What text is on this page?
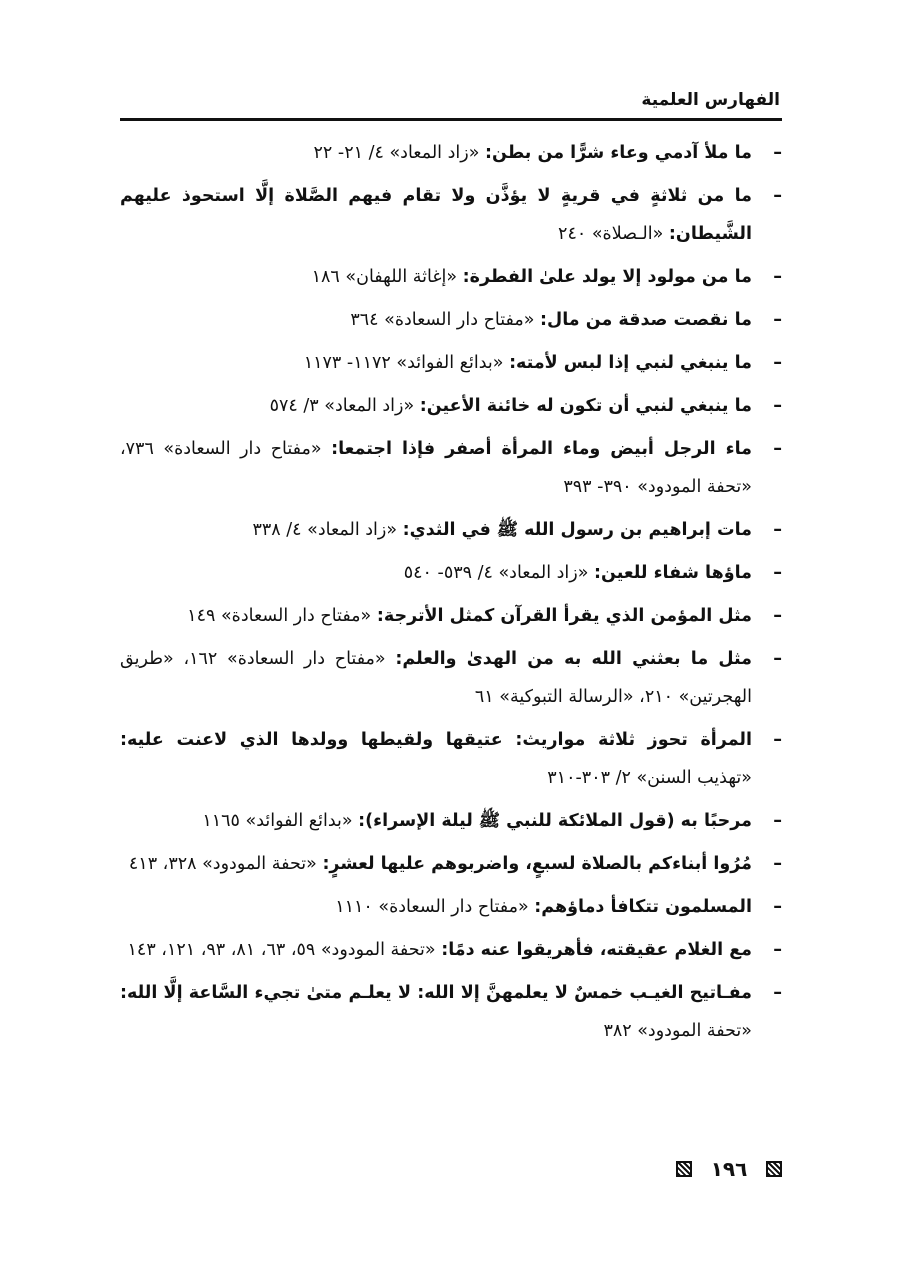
الفهارس العلمية
–
ما ملأ آدمي وعاء شرًّا من بطن: «زاد المعاد» ٤/ ٢١- ٢٢
–
ما من ثلاثةٍ في قريةٍ لا يؤذَّن ولا تقام فيهم الصَّلاة إلَّا استحوذ عليهم الشَّيطان: «الـصلاة» ٢٤٠
–
ما من مولود إلا يولد علىٰ الفطرة: «إغاثة اللهفان» ١٨٦
–
ما نقصت صدقة من مال: «مفتاح دار السعادة» ٣٦٤
–
ما ينبغي لنبي إذا لبس لأمته: «بدائع الفوائد» ١١٧٢- ١١٧٣
–
ما ينبغي لنبي أن تكون له خائنة الأعين: «زاد المعاد» ٣/ ٥٧٤
–
ماء الرجل أبيض وماء المرأة أصفر فإذا اجتمعا: «مفتاح دار السعادة» ٧٣٦، «تحفة المودود» ٣٩٠- ٣٩٣
–
مات إبراهيم بن رسول الله ﷺ في الثدي: «زاد المعاد» ٤/ ٣٣٨
–
ماؤها شفاء للعين: «زاد المعاد» ٤/ ٥٣٩- ٥٤٠
–
مثل المؤمن الذي يقرأ القرآن كمثل الأترجة: «مفتاح دار السعادة» ١٤٩
–
مثل ما بعثني الله به من الهدىٰ والعلم: «مفتاح دار السعادة» ١٦٢، «طريق الهجرتين» ٢١٠، «الرسالة التبوكية» ٦١
–
المرأة تحوز ثلاثة مواريث: عتيقها ولقيطها وولدها الذي لاعنت عليه: «تهذيب السنن» ٢/ ٣٠٣-٣١٠
–
مرحبًا به (قول الملائكة للنبي ﷺ ليلة الإسراء): «بدائع الفوائد» ١١٦٥
–
مُرُوا أبناءكم بالصلاة لسبعٍ، واضربوهم عليها لعشرٍ: «تحفة المودود» ٣٢٨، ٤١٣
–
المسلمون تتكافأ دماؤهم: «مفتاح دار السعادة» ١١١٠
–
مع الغلام عقيقته، فأهريقوا عنه دمًا: «تحفة المودود» ٥٩، ٦٣، ٨١، ٩٣، ١٢١، ١٤٣
–
مفـاتيح الغيـب خمسٌ لا يعلمهنَّ إلا الله: لا يعلـم متىٰ تجيء السَّاعة إلَّا الله: «تحفة المودود» ٣٨٢
١٩٦
